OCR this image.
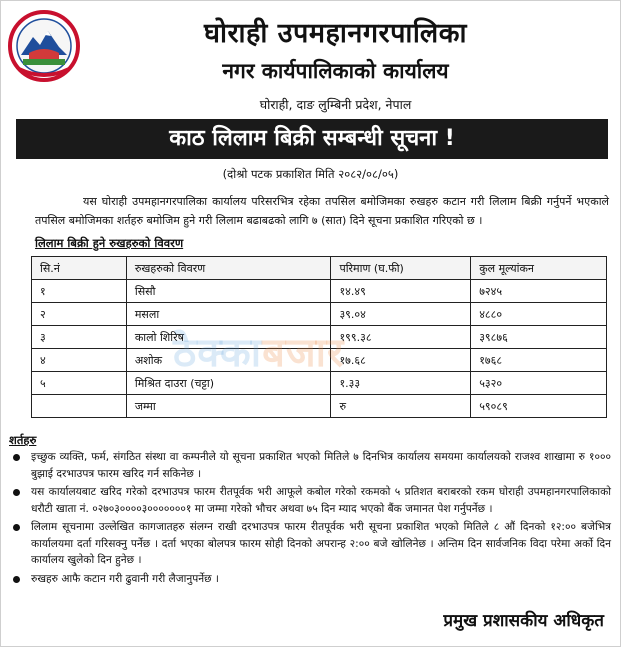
घोराही उपमहानगरपालिका
नगर कार्यपालिकाको कार्यालय
घोराही, दाङ लुम्बिनी प्रदेश, नेपाल
काठ लिलाम बिक्री सम्बन्धी सूचना !
(दोश्रो पटक प्रकाशित मिति २०८२/०८/०५)

यस घोराही उपमहानगरपालिका कार्यालय परिसरभित्र रहेका तपसिल बमोजिमका रुखहरु कटान गरी लिलाम बिक्री गर्नुपर्ने भएकाले तपसिल बमोजिमका शर्तहरु बमोजिम हुने गरी लिलाम बढाबढको लागि ७ (सात) दिने सूचना प्रकाशित गरिएको छ ।

लिलाम बिक्री हुने रुखहरुको विवरण
सि.नं	रुखहरुको विवरण	परिमाण (घ.फी)	कुल मूल्यांकन
१	सिसौ	१४.४९	७२४५
२	मसला	३९.०४	४८८०
३	कालो शिरिष	१९९.३८	३९८७६
४	अशोक	१७.६८	१७६८
५	मिश्रित दाउरा (चट्टा)	१.३३	५३२०
	जम्मा	रु	५९०८९
ठेक्काबजार
शर्तहरु
इच्छुक व्यक्ति, फर्म, संगठित संस्था वा कम्पनीले यो सूचना प्रकाशित भएको मितिले ७ दिनभित्र कार्यालय समयमा कार्यालयको राजश्व शाखामा रु १००० बुझाई दरभाउपत्र फारम खरिद गर्न सकिनेछ ।
यस कार्यालयबाट खरिद गरेको दरभाउपत्र फारम रीतपूर्वक भरी आफूले कबोल गरेको रकमको ५ प्रतिशत बराबरको रकम घोराही उपमहानगरपालिकाको धरौटी खाता नं. ०२७०३००००३०००००००१ मा जम्मा गरेको भौचर अथवा ७५ दिन म्याद भएको बैंक जमानत पेश गर्नुपर्नेछ ।
लिलाम सूचनामा उल्लेखित कागजातहरु संलग्न राखी दरभाउपत्र फारम रीतपूर्वक भरी सूचना प्रकाशित भएको मितिले ८ औं दिनको १२:०० बजेभित्र कार्यालयमा दर्ता गरिसक्नु पर्नेछ । दर्ता भएका बोलपत्र फारम सोही दिनको अपरान्ह २:०० बजे खोलिनेछ । अन्तिम दिन सार्वजनिक विदा परेमा अर्को दिन कार्यालय खुलेको दिन हुनेछ ।
रुखहरु आफै कटान गरी ढुवानी गरी लैजानुपर्नेछ ।
प्रमुख प्रशासकीय अधिकृत
